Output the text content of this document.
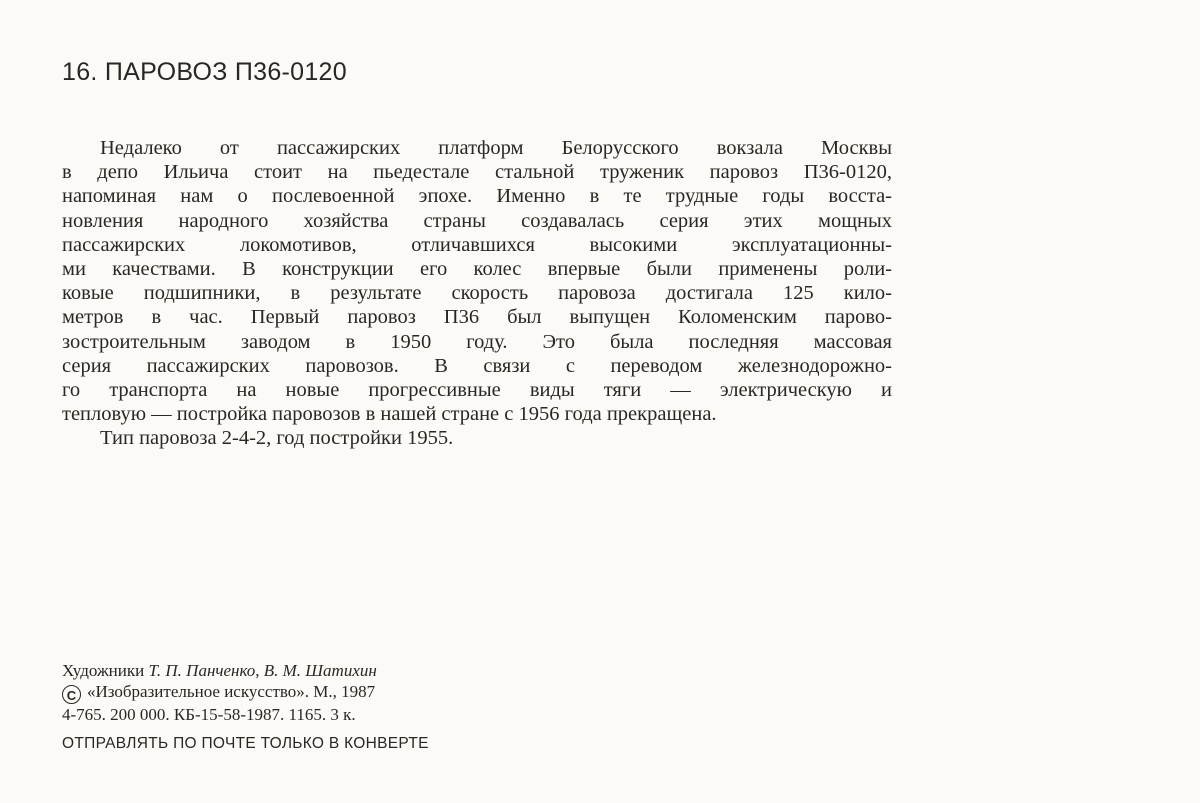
16. ПАРОВОЗ П36-0120
Недалеко от пассажирских платформ Белорусского вокзала Москвы
в депо Ильича стоит на пьедестале стальной труженик паровоз П36-0120,
напоминая нам о послевоенной эпохе. Именно в те трудные годы восста-
новления народного хозяйства страны создавалась серия этих мощных
пассажирских локомотивов, отличавшихся высокими эксплуатационны-
ми качествами. В конструкции его колес впервые были применены роли-
ковые подшипники, в результате скорость паровоза достигала 125 кило-
метров в час. Первый паровоз П36 был выпущен Коломенским парово-
зостроительным заводом в 1950 году. Это была последняя массовая
серия пассажирских паровозов. В связи с переводом железнодорожно-
го транспорта на новые прогрессивные виды тяги — электрическую и
тепловую — постройка паровозов в нашей стране с 1956 года прекращена.
Тип паровоза 2-4-2, год постройки 1955.
Художники Т. П. Панченко, В. М. Шатихин
C «Изобразительное искусство». М., 1987
4-765. 200 000. КБ-15-58-1987. 1165. 3 к.
ОТПРАВЛЯТЬ ПО ПОЧТЕ ТОЛЬКО В КОНВЕРТЕ
